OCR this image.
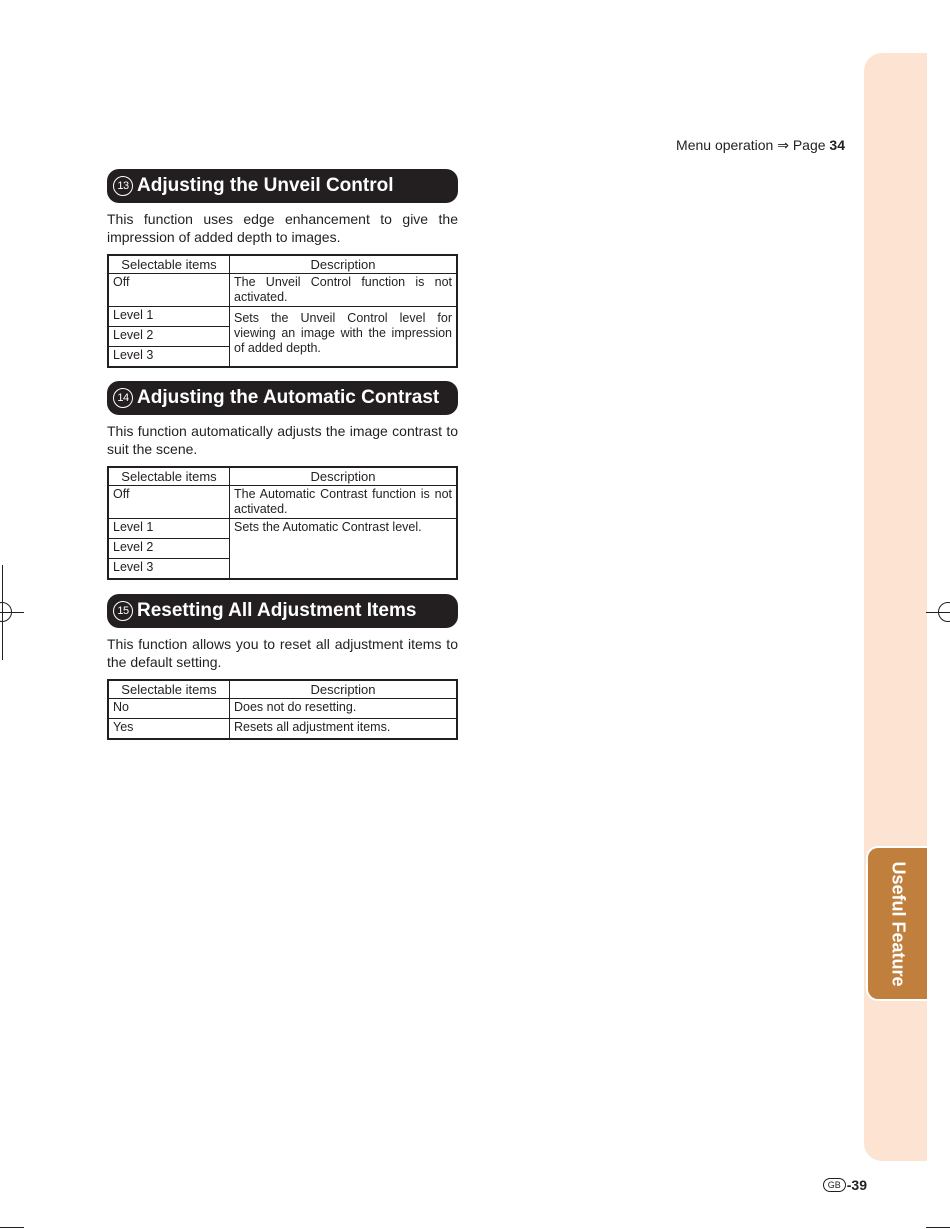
Useful Feature
Menu operation ⇒ Page 34
13 Adjusting the Unveil Control
This function uses edge enhancement to give the impression of added depth to images.
Selectable items	Description
Off	The Unveil Control function is not activated.
Level 1	Sets the Unveil Control level for viewing an image with the impression of added depth.
Level 2	
Level 3	
14 Adjusting the Automatic Contrast
This function automatically adjusts the image contrast to suit the scene.
Selectable items	Description
Off	The Automatic Contrast function is not activated.
Level 1	Sets the Automatic Contrast level.
Level 2	
Level 3	
15 Resetting All Adjustment Items
This function allows you to reset all adjustment items to the default setting.
Selectable items	Description
No	Does not do resetting.
Yes	Resets all adjustment items.
GB -39
